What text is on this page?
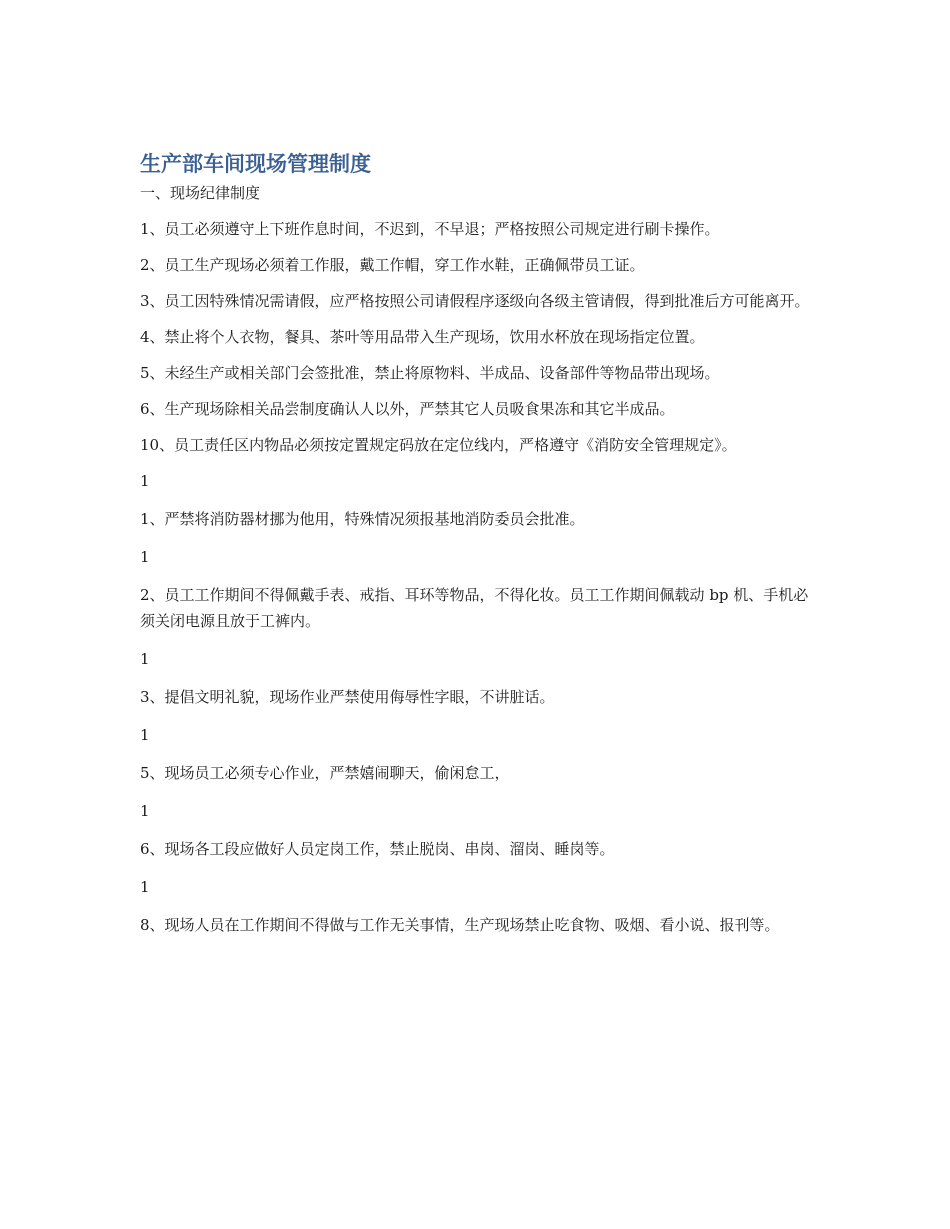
生产部车间现场管理制度

一、现场纪律制度

1、员工必须遵守上下班作息时间，不迟到，不早退；严格按照公司规定进行刷卡操作。

2、员工生产现场必须着工作服，戴工作帽，穿工作水鞋，正确佩带员工证。

3、员工因特殊情况需请假，应严格按照公司请假程序逐级向各级主管请假，得到批准后方可能离开。

4、禁止将个人衣物，餐具、茶叶等用品带入生产现场，饮用水杯放在现场指定位置。

5、未经生产或相关部门会签批准，禁止将原物料、半成品、设备部件等物品带出现场。

6、生产现场除相关品尝制度确认人以外，严禁其它人员吸食果冻和其它半成品。

10、员工责任区内物品必须按定置规定码放在定位线内，严格遵守《消防安全管理规定》。

1

1、严禁将消防器材挪为他用，特殊情况须报基地消防委员会批准。

1

2、员工工作期间不得佩戴手表、戒指、耳环等物品，不得化妆。员工工作期间佩载动 bp 机、手机必须关闭电源且放于工裤内。

1

3、提倡文明礼貌，现场作业严禁使用侮辱性字眼，不讲脏话。

1

5、现场员工必须专心作业，严禁嬉闹聊天，偷闲怠工，

1

6、现场各工段应做好人员定岗工作，禁止脱岗、串岗、溜岗、睡岗等。

1

8、现场人员在工作期间不得做与工作无关事情，生产现场禁止吃食物、吸烟、看小说、报刊等。
